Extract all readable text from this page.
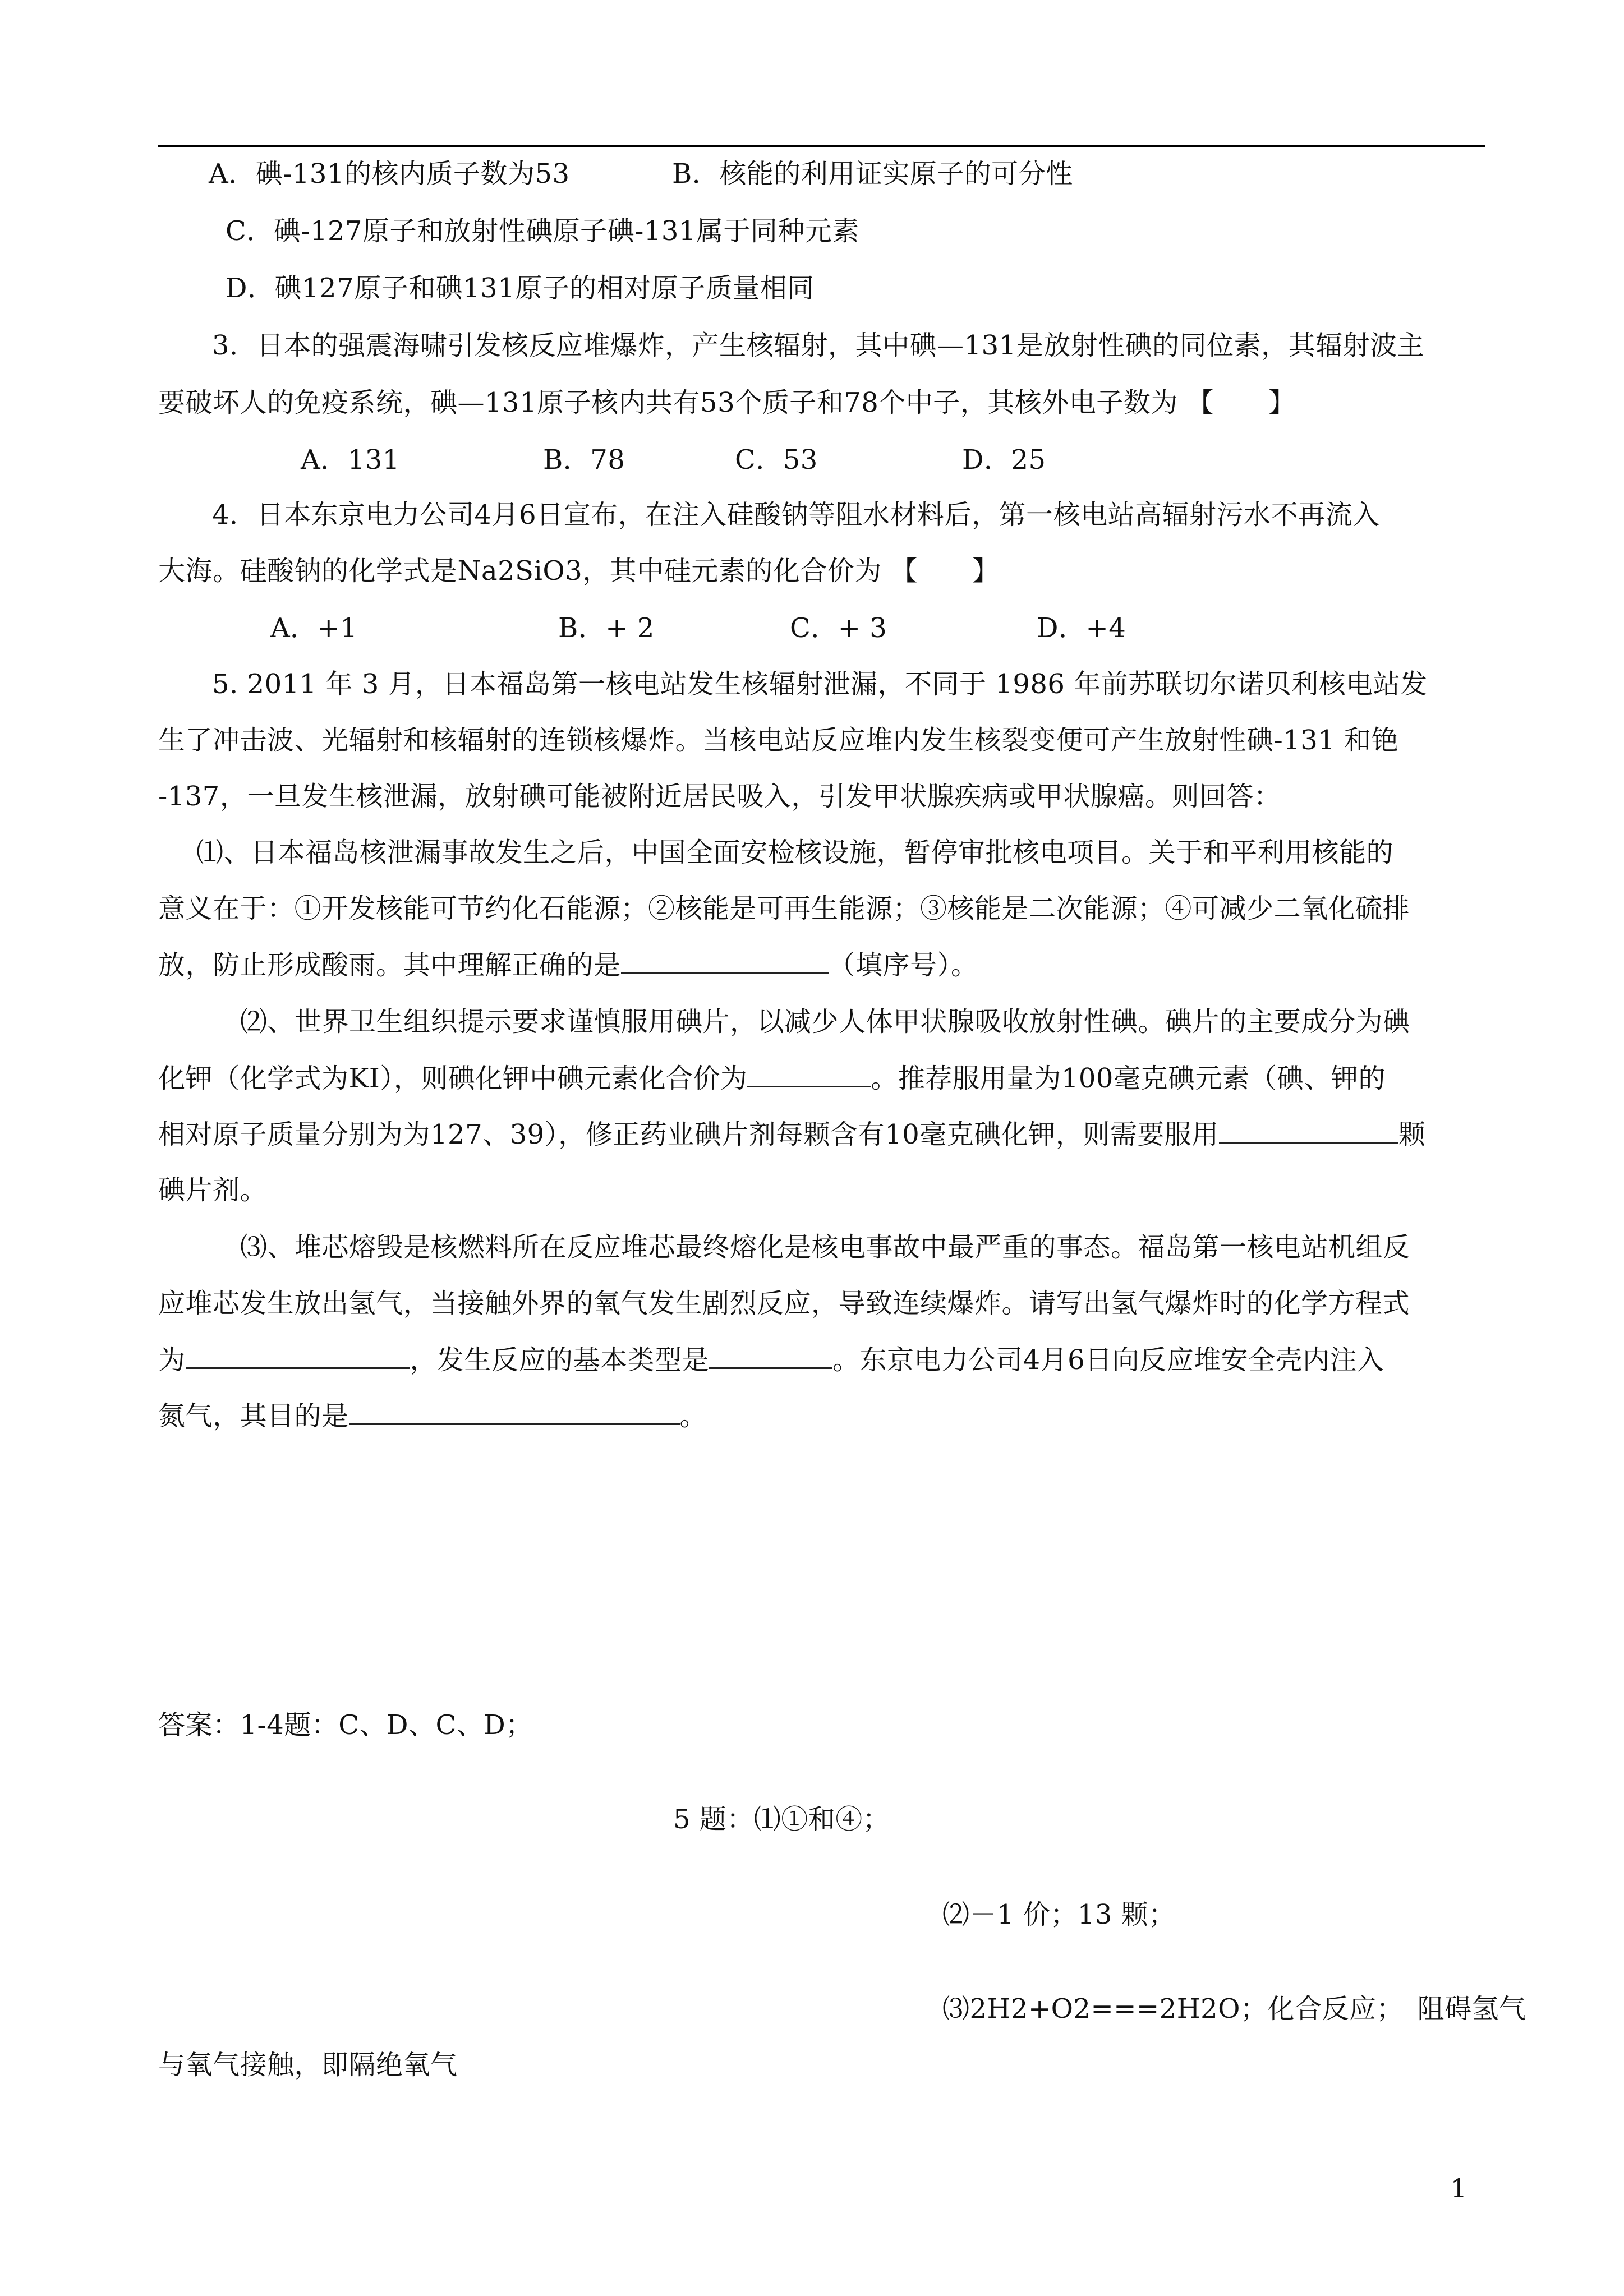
A．碘-131的核内质子数为53	B．核能的利用证实原子的可分性
C．碘-127原子和放射性碘原子碘-131属于同种元素
D．碘127原子和碘131原子的相对原子质量相同
3．日本的强震海啸引发核反应堆爆炸，产生核辐射，其中碘—131是放射性碘的同位素，其辐射波主
要破坏人的免疫系统，碘—131原子核内共有53个质子和78个中子，其核外电子数为 【　　】
A．131	B．78	C．53	D．25
4．日本东京电力公司4月6日宣布，在注入硅酸钠等阻水材料后，第一核电站高辐射污水不再流入
大海。硅酸钠的化学式是Na2SiO3，其中硅元素的化合价为 【　　】
A．+1	B．+ 2	C．+ 3	D．+4
5. 2011 年 3 月，日本福岛第一核电站发生核辐射泄漏，不同于 1986 年前苏联切尔诺贝利核电站发
生了冲击波、光辐射和核辐射的连锁核爆炸。当核电站反应堆内发生核裂变便可产生放射性碘-131 和铯
-137，一旦发生核泄漏，放射碘可能被附近居民吸入，引发甲状腺疾病或甲状腺癌。则回答：
⑴、日本福岛核泄漏事故发生之后，中国全面安检核设施，暂停审批核电项目。关于和平利用核能的
意义在于：①开发核能可节约化石能源；②核能是可再生能源；③核能是二次能源；④可减少二氧化硫排
放，防止形成酸雨。其中理解正确的是	（填序号）。
⑵、世界卫生组织提示要求谨慎服用碘片，以减少人体甲状腺吸收放射性碘。碘片的主要成分为碘
化钾（化学式为KI），则碘化钾中碘元素化合价为	。推荐服用量为100毫克碘元素（碘、钾的
相对原子质量分别为为127、39），修正药业碘片剂每颗含有10毫克碘化钾，则需要服用	颗
碘片剂。
⑶、堆芯熔毁是核燃料所在反应堆芯最终熔化是核电事故中最严重的事态。福岛第一核电站机组反
应堆芯发生放出氢气，当接触外界的氧气发生剧烈反应，导致连续爆炸。请写出氢气爆炸时的化学方程式
为	，发生反应的基本类型是	。东京电力公司4月6日向反应堆安全壳内注入
氮气，其目的是	。
答案：1-4题：C、D、C、D；
5 题：⑴①和④；
⑵－1 价；13 颗；
⑶2H2+O2===2H2O；化合反应；　阻碍氢气
与氧气接触，即隔绝氧气
1
